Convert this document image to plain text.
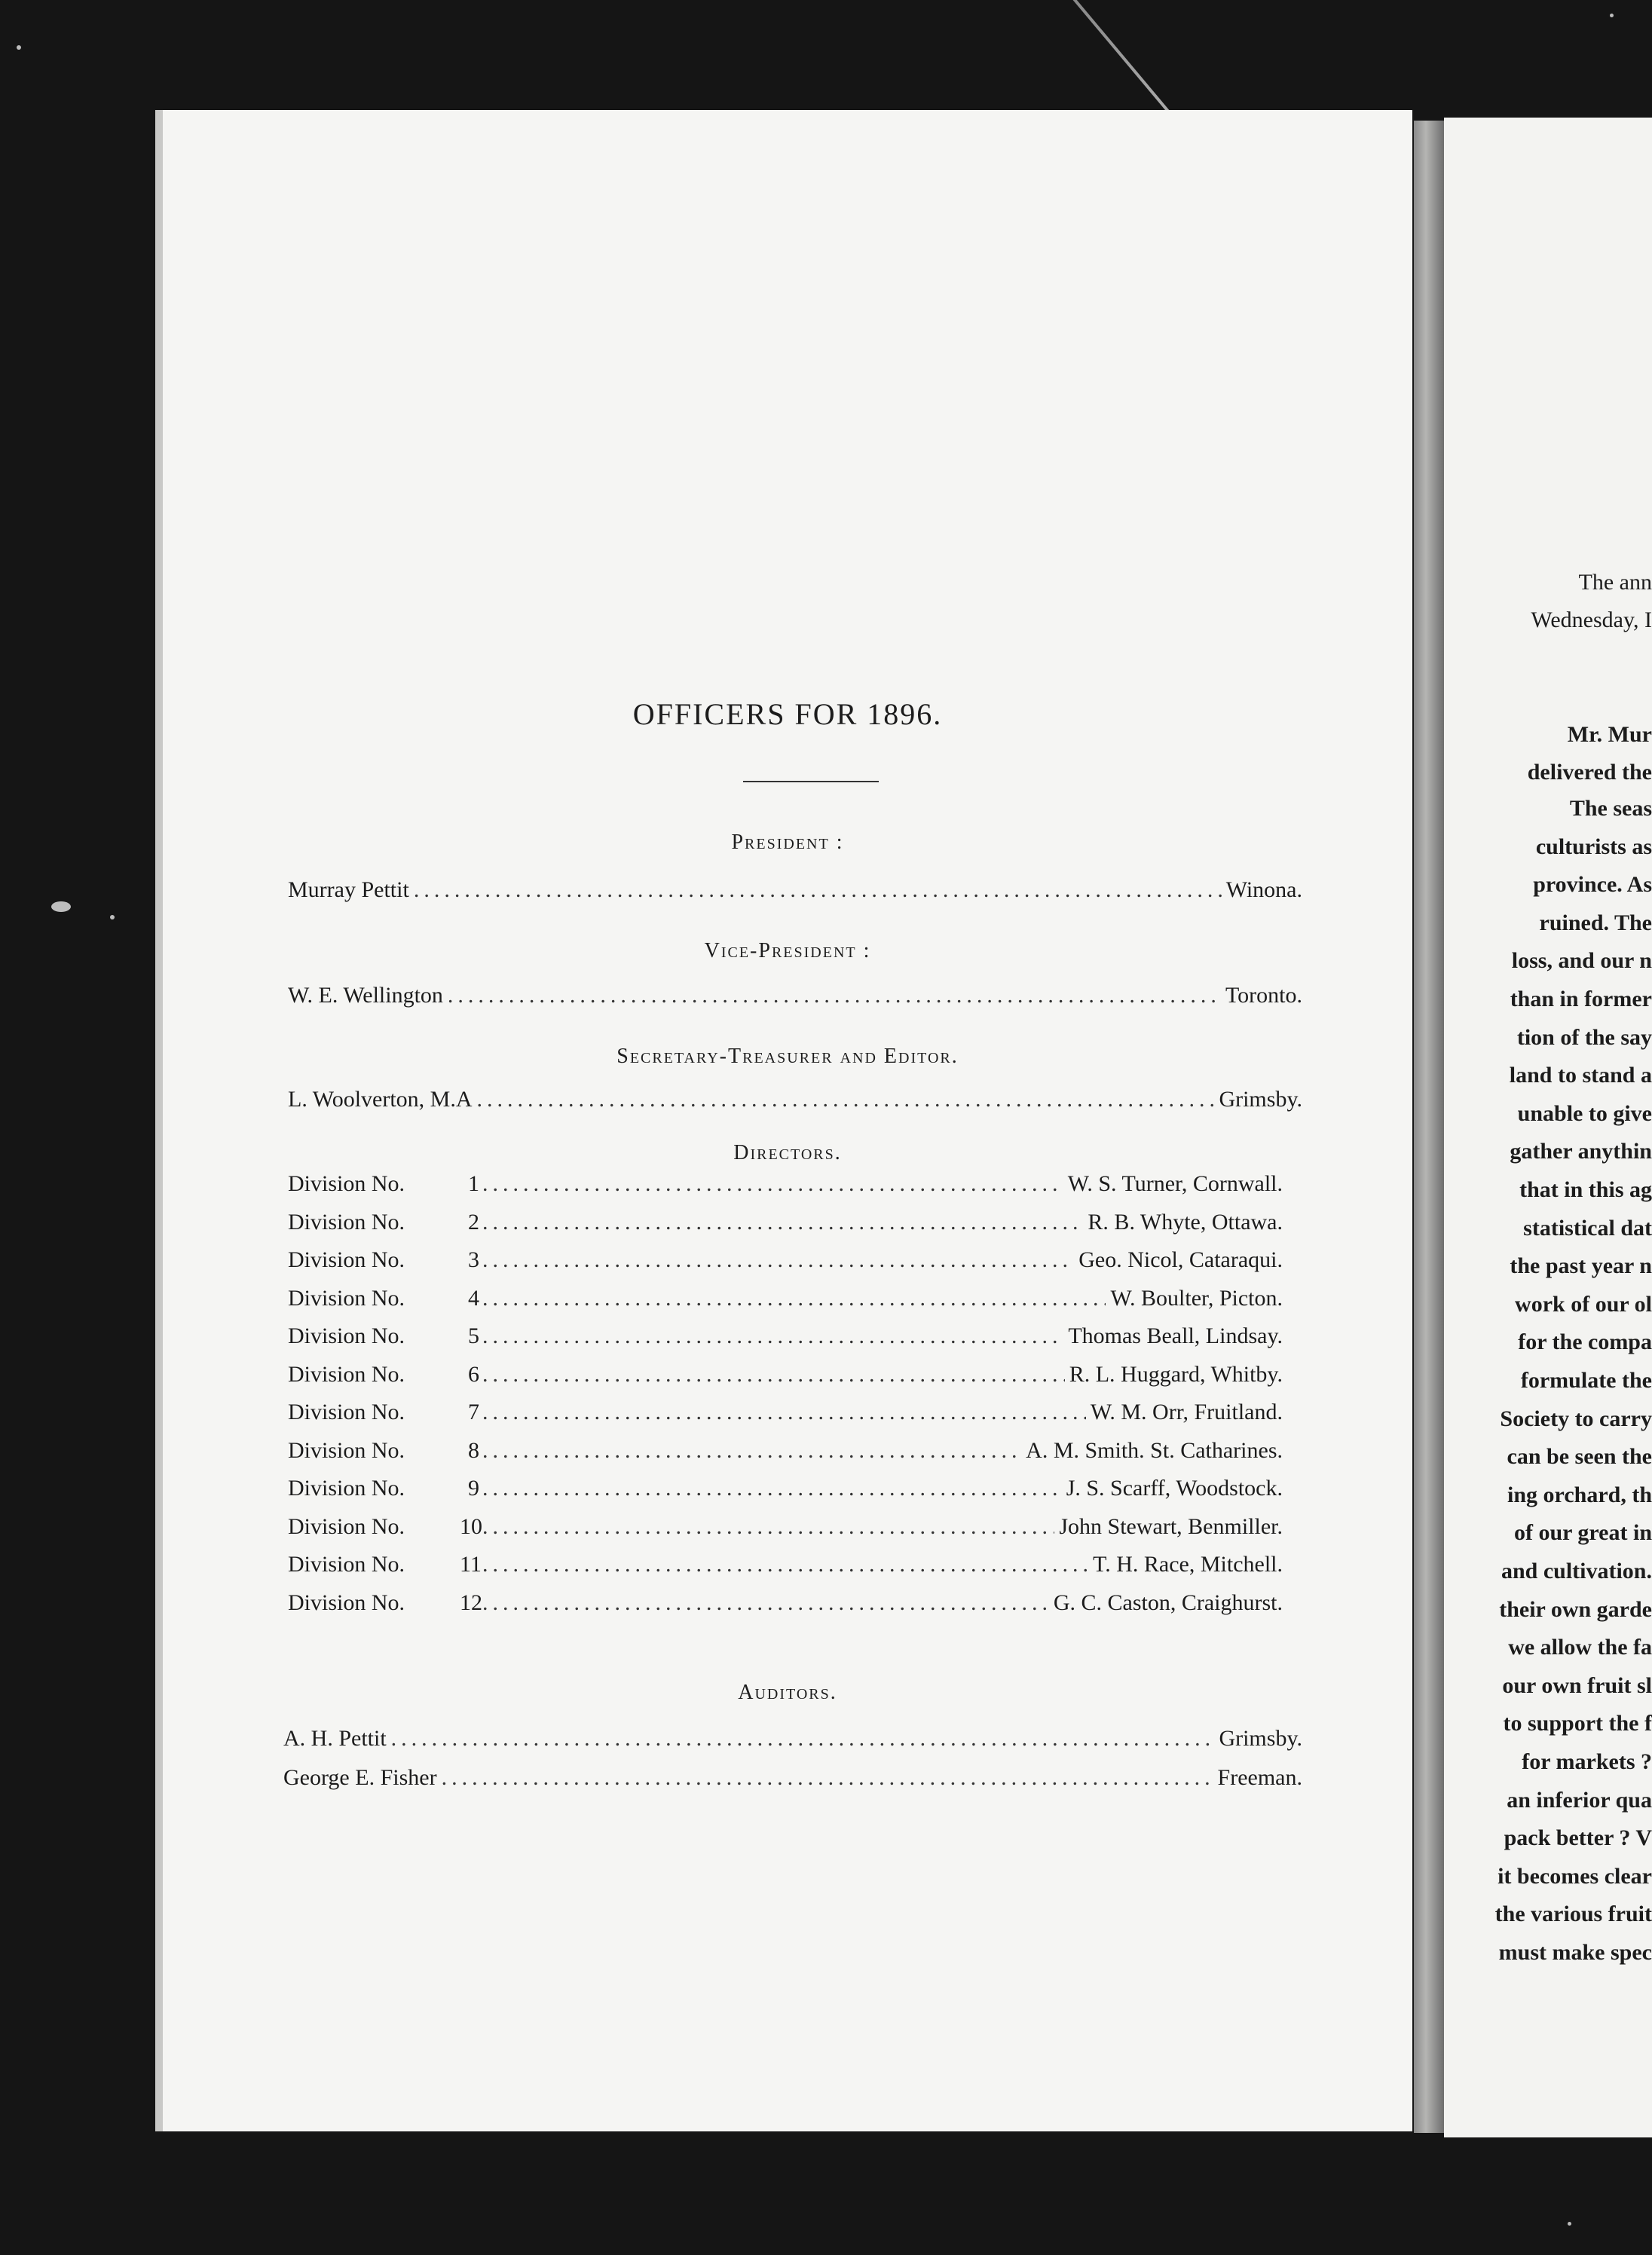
OFFICERS FOR 1896.
President :
Murray Pettit .....	Winona.
Vice-President :
W. E. Wellington .....	Toronto.
Secretary-Treasurer and Editor.
L. Woolverton, M.A .....	Grimsby.
Directors.
Division No.	1 .....	W. S. Turner, Cornwall.
Division No.	2 .....	R. B. Whyte, Ottawa.
Division No.	3 .....	Geo. Nicol, Cataraqui.
Division No.	4 .....	W. Boulter, Picton.
Division No.	5 .....	Thomas Beall, Lindsay.
Division No.	6 .....	R. L. Huggard, Whitby.
Division No.	7 .....	W. M. Orr, Fruitland.
Division No.	8 .....	A. M. Smith. St. Catharines.
Division No.	9 .....	J. S. Scarff, Woodstock.
Division No.	10 .....	John Stewart, Benmiller.
Division No.	11 .....	T. H. Race, Mitchell.
Division No.	12 .....	G. C. Caston, Craighurst.
Auditors.
A. H. Pettit .....	Grimsby.
George E. Fisher .....	Freeman.
The ann
Wednesday, I
Mr. Mur
delivered the
The seas
culturists as
province. As
ruined. The
loss, and our n
than in former
tion of the say
land to stand a
unable to give
gather anythin
that in this ag
statistical dat
the past year n
work of our ol
for the compa
formulate the
Society to carry
can be seen the
ing orchard, th
of our great in
and cultivation.
their own garde
we allow the fa
our own fruit sl
to support the f
for markets ?
an inferior qua
pack better ? V
it becomes clear
the various fruit
must make spec
